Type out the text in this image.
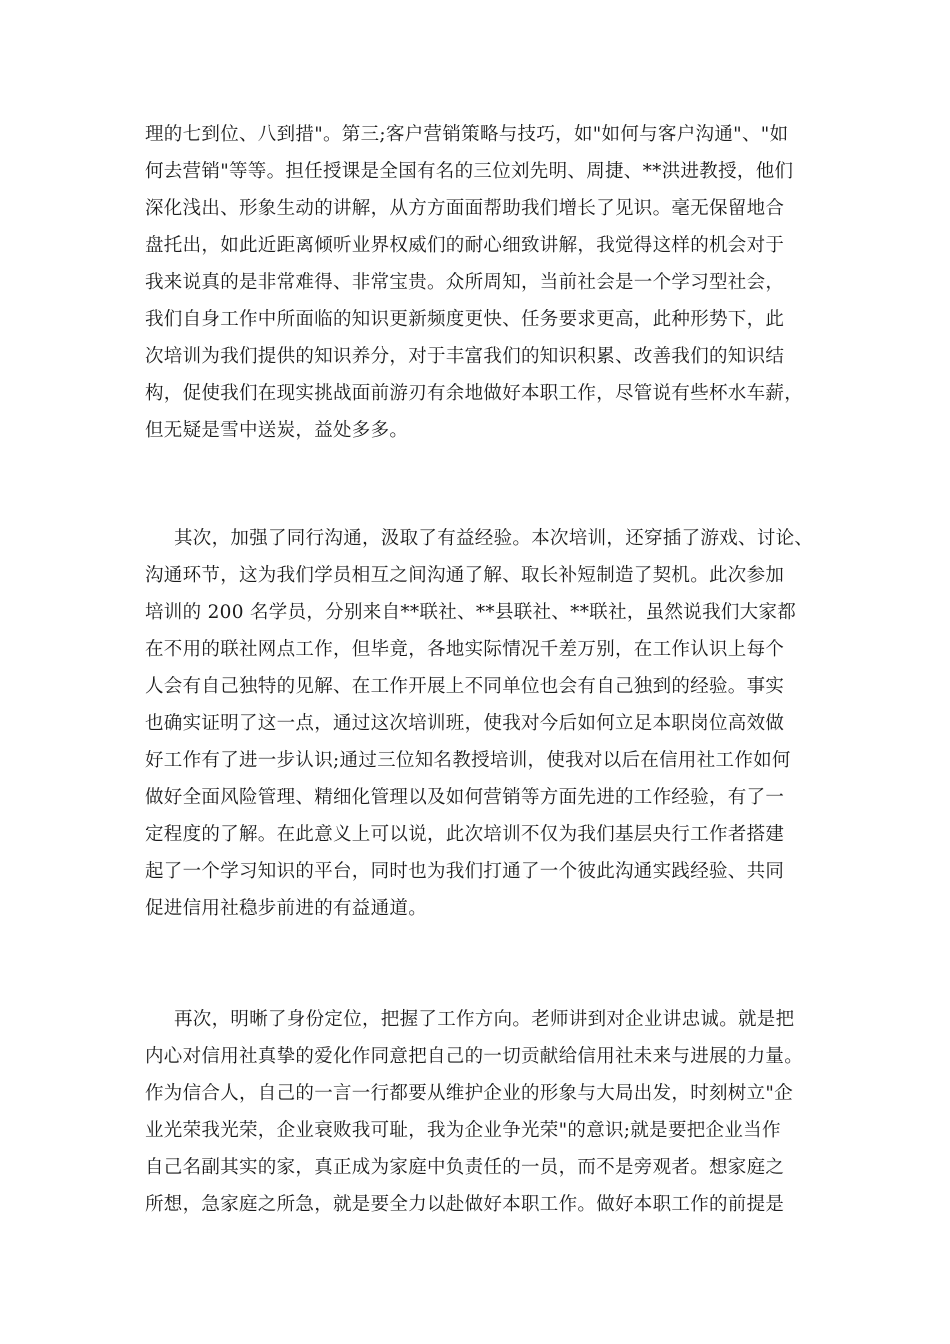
理的七到位、八到措"。第三;客户营销策略与技巧，如"如何与客户沟通"、"如
何去营销"等等。担任授课是全国有名的三位刘先明、周捷、**洪进教授，他们
深化浅出、形象生动的讲解，从方方面面帮助我们增长了见识。毫无保留地合
盘托出，如此近距离倾听业界权威们的耐心细致讲解，我觉得这样的机会对于
我来说真的是非常难得、非常宝贵。众所周知，当前社会是一个学习型社会，
我们自身工作中所面临的知识更新频度更快、任务要求更高，此种形势下，此
次培训为我们提供的知识养分，对于丰富我们的知识积累、改善我们的知识结
构，促使我们在现实挑战面前游刃有余地做好本职工作，尽管说有些杯水车薪，
但无疑是雪中送炭，益处多多。
其次，加强了同行沟通，汲取了有益经验。本次培训，还穿插了游戏、讨论、
沟通环节，这为我们学员相互之间沟通了解、取长补短制造了契机。此次参加
培训的 200 名学员，分别来自**联社、**县联社、**联社，虽然说我们大家都
在不用的联社网点工作，但毕竟，各地实际情况千差万别，在工作认识上每个
人会有自己独特的见解、在工作开展上不同单位也会有自己独到的经验。事实
也确实证明了这一点，通过这次培训班，使我对今后如何立足本职岗位高效做
好工作有了进一步认识;通过三位知名教授培训，使我对以后在信用社工作如何
做好全面风险管理、精细化管理以及如何营销等方面先进的工作经验，有了一
定程度的了解。在此意义上可以说，此次培训不仅为我们基层央行工作者搭建
起了一个学习知识的平台，同时也为我们打通了一个彼此沟通实践经验、共同
促进信用社稳步前进的有益通道。
再次，明晰了身份定位，把握了工作方向。老师讲到对企业讲忠诚。就是把
内心对信用社真挚的爱化作同意把自己的一切贡献给信用社未来与进展的力量。
作为信合人，自己的一言一行都要从维护企业的形象与大局出发，时刻树立"企
业光荣我光荣，企业衰败我可耻，我为企业争光荣"的意识;就是要把企业当作
自己名副其实的家，真正成为家庭中负责任的一员，而不是旁观者。想家庭之
所想，急家庭之所急，就是要全力以赴做好本职工作。做好本职工作的前提是
